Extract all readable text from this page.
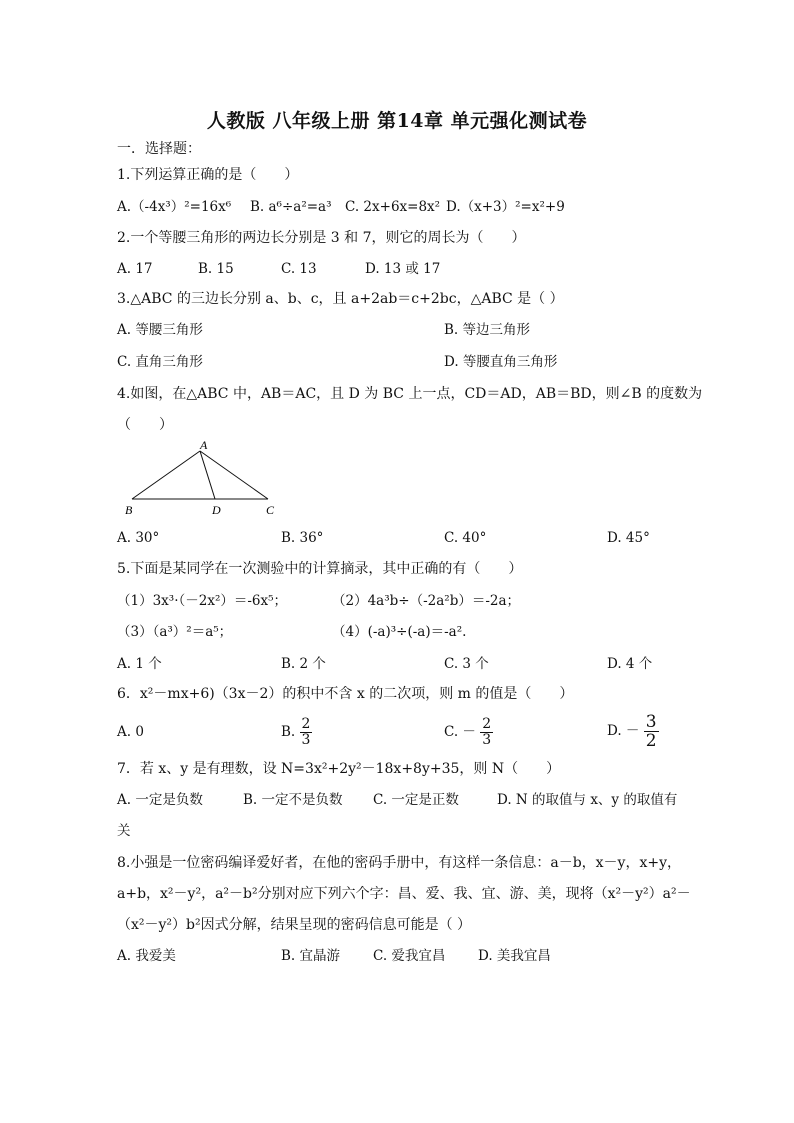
人教版 八年级上册 第14章 单元强化测试卷
一．选择题：
1.下列运算正确的是（　　）
A.（-4x³）²=16x⁶ B. a⁶÷a²=a³ C. 2x+6x=8x² D.（x+3）²=x²+9
2.一个等腰三角形的两边长分别是 3 和 7，则它的周长为（　　）
A. 17	B. 15	C. 13	D. 13 或 17
3.△ABC 的三边长分别 a、b、c，且 a+2ab＝c+2bc，△ABC 是（ ）
A. 等腰三角形	B. 等边三角形
C. 直角三角形	D. 等腰直角三角形
4.如图，在△ABC 中，AB＝AC，且 D 为 BC 上一点，CD＝AD，AB＝BD，则∠B 的度数为
（　　）
A
B	D	C
A. 30°	B. 36°	C. 40°	D. 45°
5.下面是某同学在一次测验中的计算摘录，其中正确的有（　　）
（1）3x³·（－2x²）＝-6x⁵；	（2）4a³b÷（-2a²b）＝-2a；
（3）（a³）²＝a⁵；	（4）(-a)³÷(-a)＝-a².
A. 1 个	B. 2 个	C. 3 个	D. 4 个
6．x²－mx+6)（3x－2）的积中不含 x 的二次项，则 m 的值是（　　）
A. 0	B. $\frac{2}{3}$	C. － $\frac{2}{3}$	D. － $\frac{3}{2}$
7．若 x、y 是有理数，设 N=3x²+2y²－18x+8y+35，则 N（　　）
A. 一定是负数	B. 一定不是负数 C. 一定是正数	D. N 的取值与 x、y 的取值有
关
8.小强是一位密码编译爱好者，在他的密码手册中，有这样一条信息：a－b，x－y，x+y，
a+b，x²－y²，a²－b²分别对应下列六个字：昌、爱、我、宜、游、美，现将（x²－y²）a²－
（x²－y²）b²因式分解，结果呈现的密码信息可能是（ ）
A. 我爱美	B. 宜晶游 C. 爱我宜昌 D. 美我宜昌
